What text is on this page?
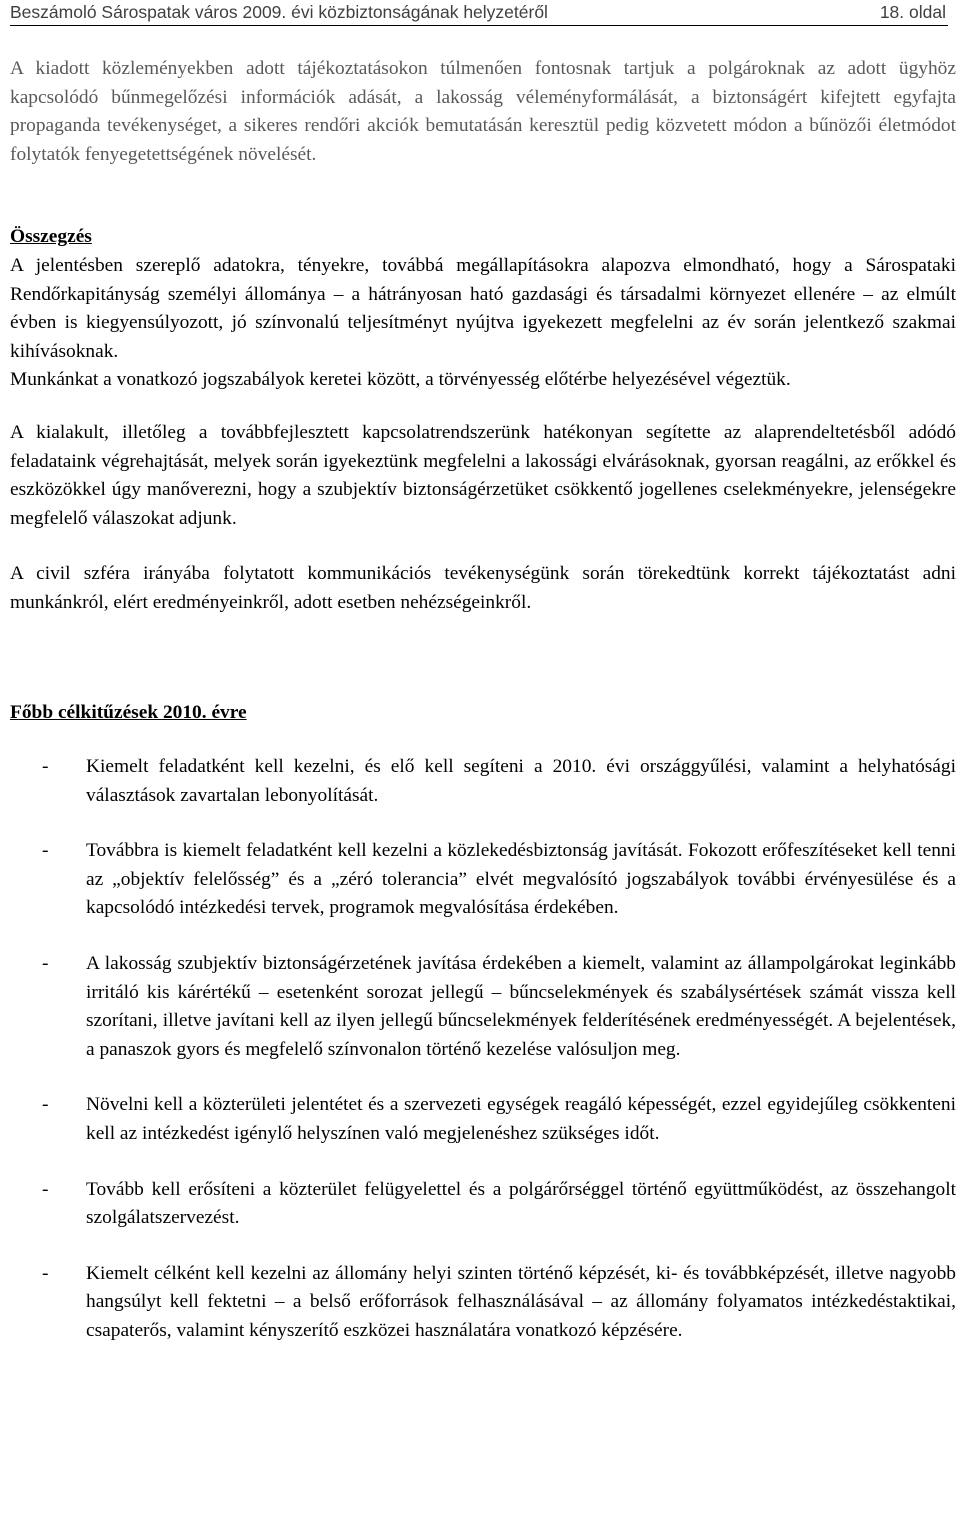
Beszámoló Sárospatak város 2009. évi közbiztonságának helyzetéről	18. oldal

A kiadott közleményekben adott tájékoztatásokon túlmenően fontosnak tartjuk a polgároknak az adott ügyhöz kapcsolódó bűnmegelőzési információk adását, a lakosság véleményformálását, a biztonságért kifejtett egyfajta propaganda tevékenységet, a sikeres rendőri akciók bemutatásán keresztül pedig közvetett módon a bűnözői életmódot folytatók fenyegetettségének növelését.

Összegzés

A jelentésben szereplő adatokra, tényekre, továbbá megállapításokra alapozva elmondható, hogy a Sárospataki Rendőrkapitányság személyi állománya – a hátrányosan ható gazdasági és társadalmi környezet ellenére – az elmúlt évben is kiegyensúlyozott, jó színvonalú teljesítményt nyújtva igyekezett megfelelni az év során jelentkező szakmai kihívásoknak.

Munkánkat a vonatkozó jogszabályok keretei között, a törvényesség előtérbe helyezésével végeztük.

A kialakult, illetőleg a továbbfejlesztett kapcsolatrendszerünk hatékonyan segítette az alaprendeltetésből adódó feladataink végrehajtását, melyek során igyekeztünk megfelelni a lakossági elvárásoknak, gyorsan reagálni, az erőkkel és eszközökkel úgy manőverezni, hogy a szubjektív biztonságérzetüket csökkentő jogellenes cselekményekre, jelenségekre megfelelő válaszokat adjunk.

A civil szféra irányába folytatott kommunikációs tevékenységünk során törekedtünk korrekt tájékoztatást adni munkánkról, elért eredményeinkről, adott esetben nehézségeinkről.

Főbb célkitűzések 2010. évre
- Kiemelt feladatként kell kezelni, és elő kell segíteni a 2010. évi országgyűlési, valamint a helyhatósági választások zavartalan lebonyolítását.
- Továbbra is kiemelt feladatként kell kezelni a közlekedésbiztonság javítását. Fokozott erőfeszítéseket kell tenni az „objektív felelősség” és a „zéró tolerancia” elvét megvalósító jogszabályok további érvényesülése és a kapcsolódó intézkedési tervek, programok megvalósítása érdekében.
- A lakosság szubjektív biztonságérzetének javítása érdekében a kiemelt, valamint az állampolgárokat leginkább irritáló kis kárértékű – esetenként sorozat jellegű – bűncselekmények és szabálysértések számát vissza kell szorítani, illetve javítani kell az ilyen jellegű bűncselekmények felderítésének eredményességét. A bejelentések, a panaszok gyors és megfelelő színvonalon történő kezelése valósuljon meg.
- Növelni kell a közterületi jelentétet és a szervezeti egységek reagáló képességét, ezzel egyidejűleg csökkenteni kell az intézkedést igénylő helyszínen való megjelenéshez szükséges időt.
- Tovább kell erősíteni a közterület felügyelettel és a polgárőrséggel történő együttműködést, az összehangolt szolgálatszervezést.
- Kiemelt célként kell kezelni az állomány helyi szinten történő képzését, ki- és továbbképzését, illetve nagyobb hangsúlyt kell fektetni – a belső erőforrások felhasználásával – az állomány folyamatos intézkedéstaktikai, csapaterős, valamint kényszerítő eszközei használatára vonatkozó képzésére.
